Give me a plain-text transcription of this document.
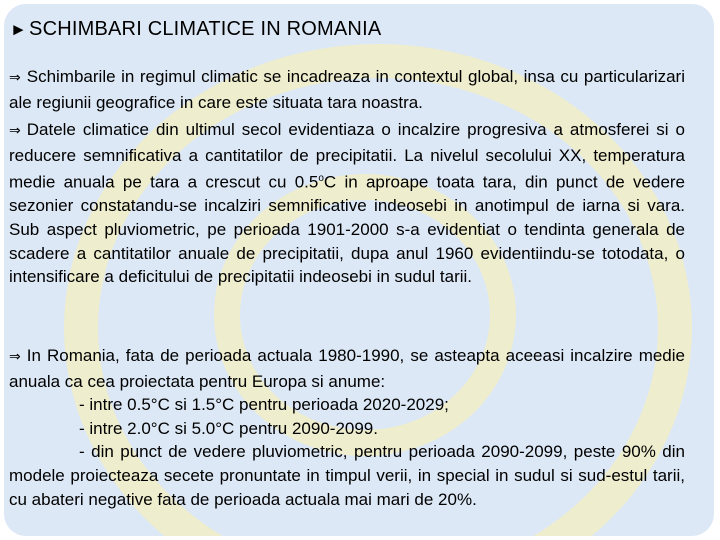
► SCHIMBARI CLIMATICE IN ROMANIA
⇒ Schimbarile in regimul climatic se incadreaza in contextul global, insa cu particularizari ale regiunii geografice in care este situata tara noastra.
⇒ Datele climatice din ultimul secol evidentiaza o incalzire progresiva a atmosferei si o reducere semnificativa a cantitatilor de precipitatii. La nivelul secolului XX, temperatura medie anuala pe tara a crescut cu 0.5$^o$C in aproape toata tara, din punct de vedere sezonier constatandu-se incalziri semnificative indeosebi in anotimpul de iarna si vara. Sub aspect pluviometric, pe perioada 1901-2000 s-a evidentiat o tendinta generala de scadere a cantitatilor anuale de precipitatii, dupa anul 1960 evidentiindu-se totodata, o intensificare a deficitului de precipitatii indeosebi in sudul tarii.
⇒ In Romania, fata de perioada actuala 1980-1990, se asteapta aceeasi incalzire medie anuala ca cea proiectata pentru Europa si anume:
- intre 0.5°C si 1.5°C pentru perioada 2020-2029;
- intre 2.0°C si 5.0°C pentru 2090-2099.
- din punct de vedere pluviometric, pentru perioada 2090-2099, peste 90% din modele proiecteaza secete pronuntate in timpul verii, in special in sudul si sud-estul tarii, cu abateri negative fata de perioada actuala mai mari de 20%.
